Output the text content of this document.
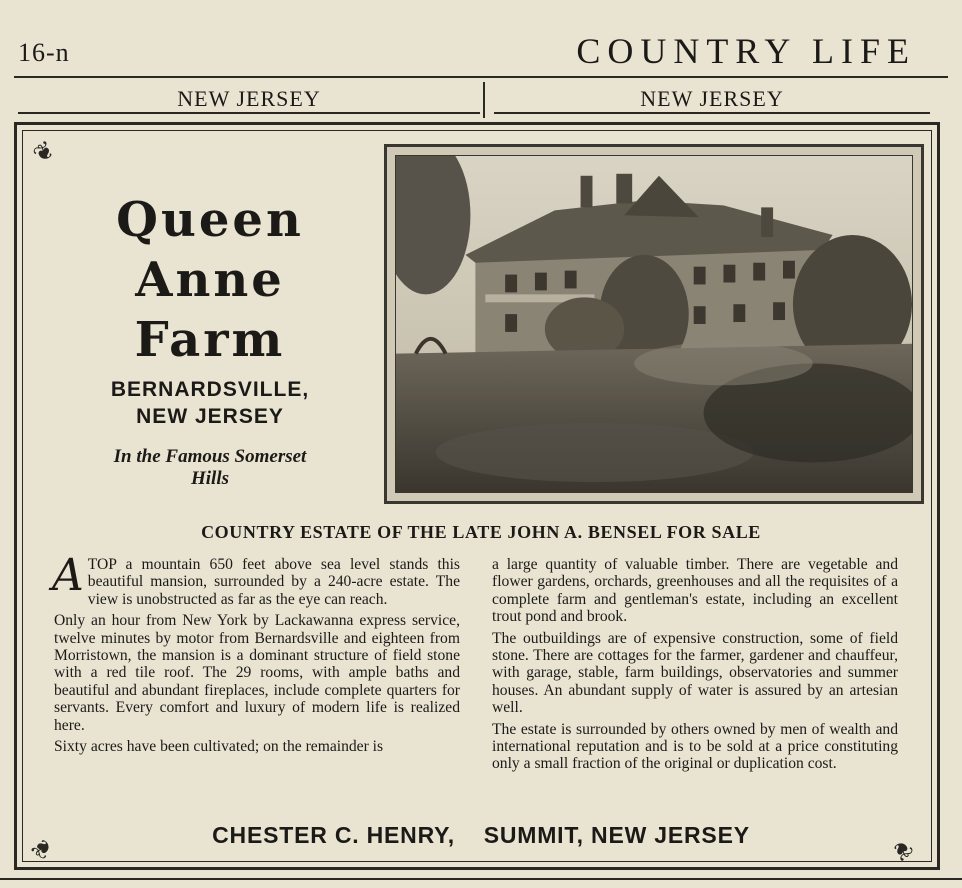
16-n	COUNTRY LIFE
NEW JERSEY	NEW JERSEY
❦
❦	❦
Queen
Anne
Farm
BERNARDSVILLE,
NEW JERSEY
In the Famous Somerset
Hills
COUNTRY ESTATE OF THE LATE JOHN A. BENSEL FOR SALE

ATOP a mountain 650 feet above sea level stands this beautiful mansion, surrounded by a 240-acre estate. The view is unobstructed as far as the eye can reach.

Only an hour from New York by Lackawanna express service, twelve minutes by motor from Bernardsville and eighteen from Morristown, the mansion is a dominant structure of field stone with a red tile roof. The 29 rooms, with ample baths and beautiful and abundant fireplaces, include complete quarters for servants. Every comfort and luxury of modern life is realized here.

Sixty acres have been cultivated; on the remainder is

a large quantity of valuable timber. There are vegetable and flower gardens, orchards, greenhouses and all the requisites of a complete farm and gentleman's estate, including an excellent trout pond and brook.

The outbuildings are of expensive construction, some of field stone. There are cottages for the farmer, gardener and chauffeur, with garage, stable, farm buildings, observatories and summer houses. An abundant supply of water is assured by an artesian well.

The estate is surrounded by others owned by men of wealth and international reputation and is to be sold at a price constituting only a small fraction of the original or duplication cost.

CHESTER C. HENRY, SUMMIT, NEW JERSEY
